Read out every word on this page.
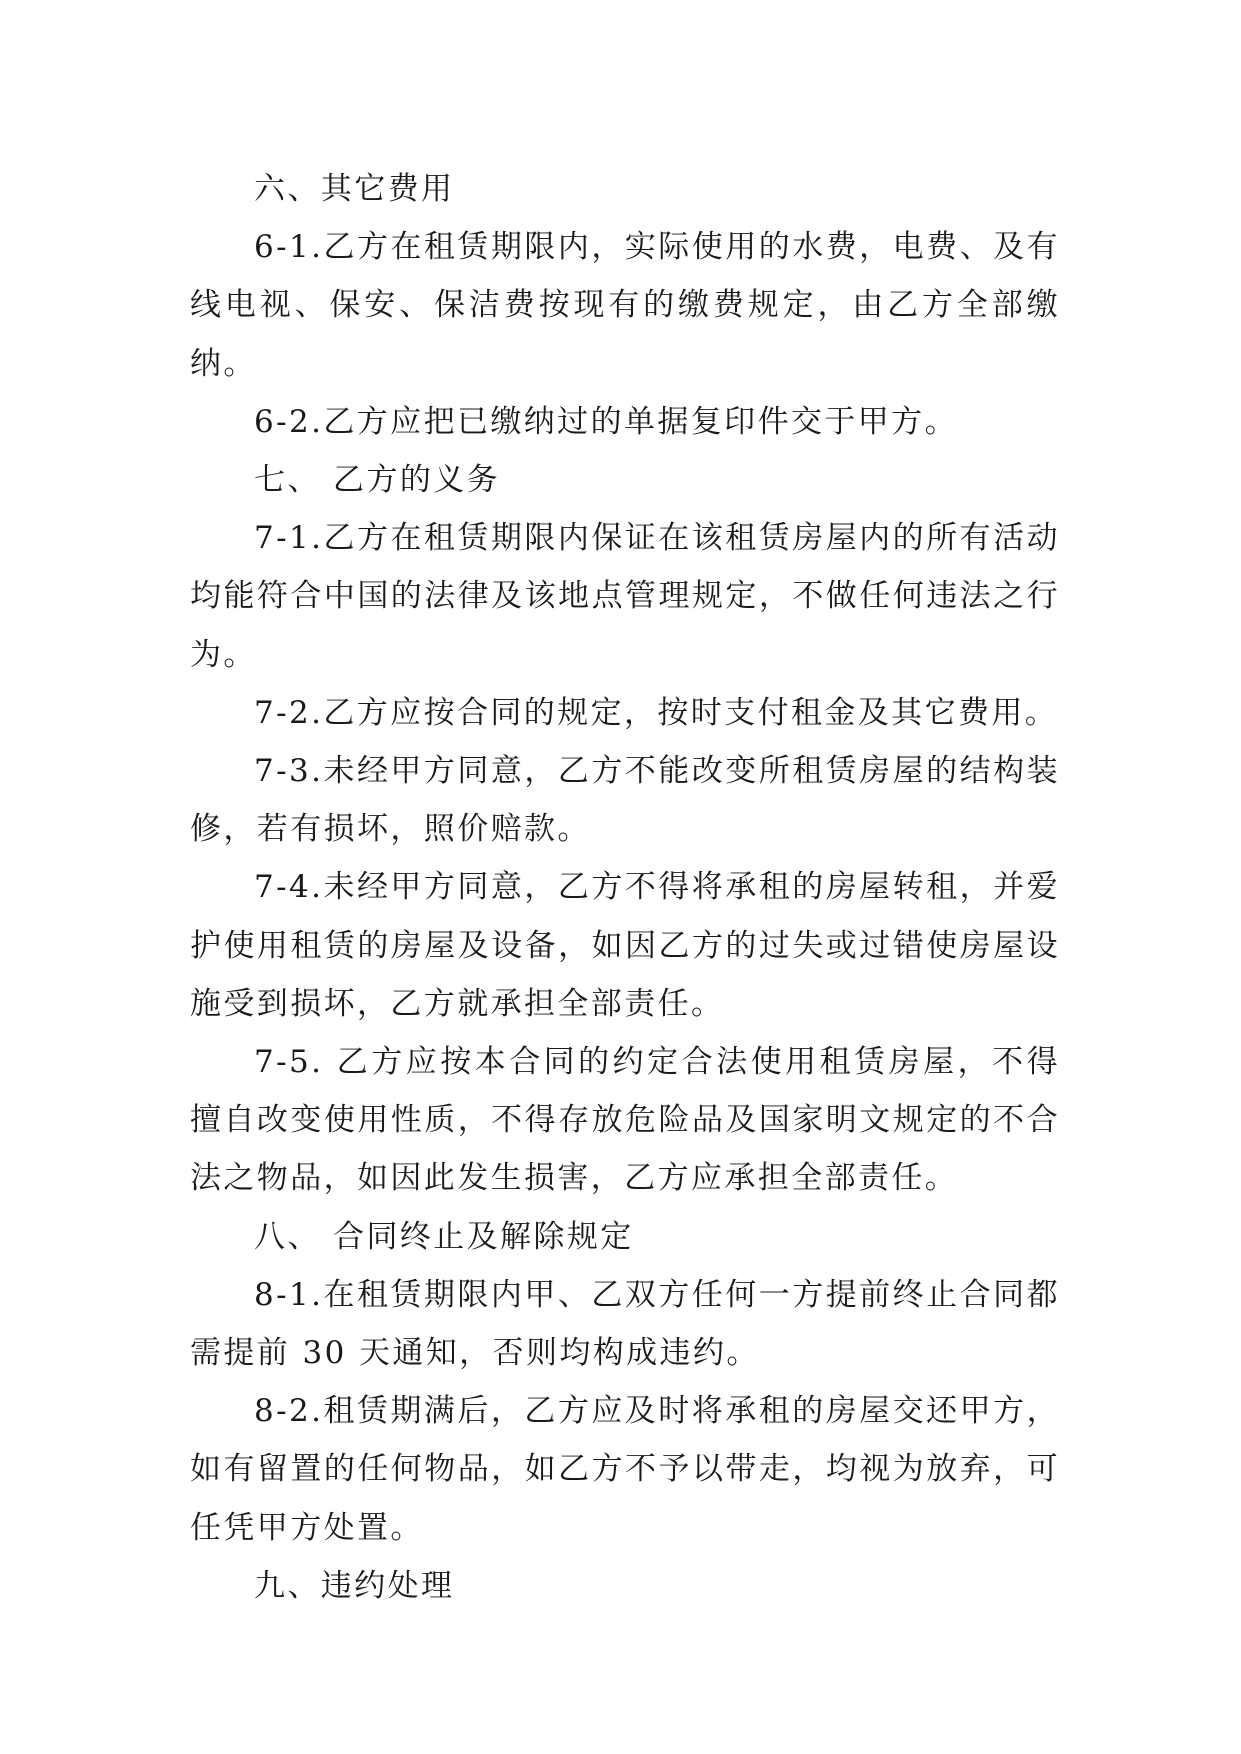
六、其它费用

6-1.乙方在租赁期限内，实际使用的水费，电费、及有线电视、保安、保洁费按现有的缴费规定，由乙方全部缴纳。

6-2.乙方应把已缴纳过的单据复印件交于甲方。

七、 乙方的义务

7-1.乙方在租赁期限内保证在该租赁房屋内的所有活动均能符合中国的法律及该地点管理规定，不做任何违法之行为。

7-2.乙方应按合同的规定，按时支付租金及其它费用。

7-3.未经甲方同意，乙方不能改变所租赁房屋的结构装修，若有损坏，照价赔款。

7-4.未经甲方同意，乙方不得将承租的房屋转租，并爱护使用租赁的房屋及设备，如因乙方的过失或过错使房屋设施受到损坏，乙方就承担全部责任。

7-5. 乙方应按本合同的约定合法使用租赁房屋，不得擅自改变使用性质，不得存放危险品及国家明文规定的不合法之物品，如因此发生损害，乙方应承担全部责任。

八、 合同终止及解除规定

8-1.在租赁期限内甲、乙双方任何一方提前终止合同都需提前 30 天通知，否则均构成违约。

8-2.租赁期满后，乙方应及时将承租的房屋交还甲方，如有留置的任何物品，如乙方不予以带走，均视为放弃，可任凭甲方处置。

九、违约处理
